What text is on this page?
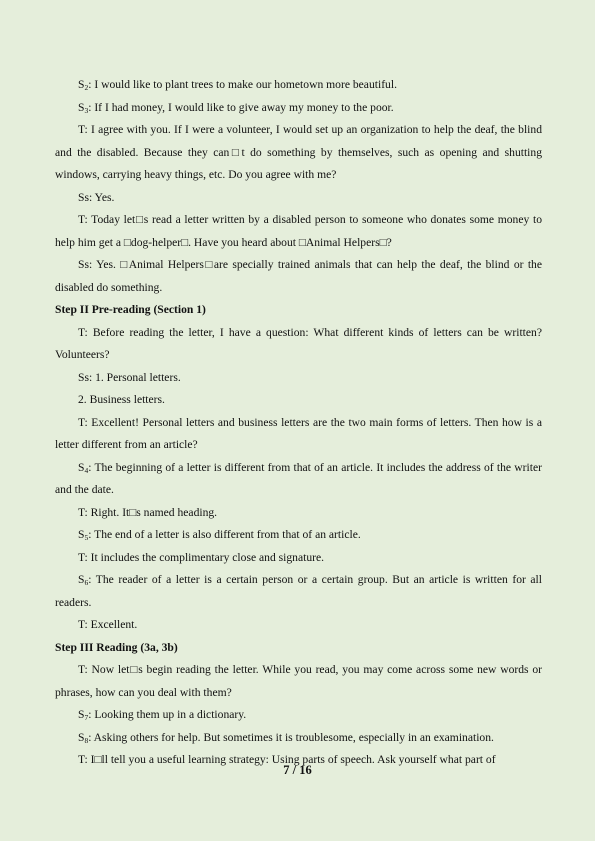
$S_2$: I would like to plant trees to make our hometown more beautiful.

$S_3$: If I had money, I would like to give away my money to the poor.

T: I agree with you. If I were a volunteer, I would set up an organization to help the deaf, the blind and the disabled. Because they can□t do something by themselves, such as opening and shutting windows, carrying heavy things, etc. Do you agree with me?

Ss: Yes.

T: Today let□s read a letter written by a disabled person to someone who donates some money to help him get a □dog-helper□. Have you heard about □Animal Helpers□?

Ss: Yes. □Animal Helpers□are specially trained animals that can help the deaf, the blind or the disabled do something.

Step II Pre-reading (Section 1)

T: Before reading the letter, I have a question: What different kinds of letters can be written? Volunteers?

Ss: 1. Personal letters.

2. Business letters.

T: Excellent! Personal letters and business letters are the two main forms of letters. Then how is a letter different from an article?

$S_4$: The beginning of a letter is different from that of an article. It includes the address of the writer and the date.

T: Right. It□s named heading.

$S_5$: The end of a letter is also different from that of an article.

T: It includes the complimentary close and signature.

$S_6$: The reader of a letter is a certain person or a certain group. But an article is written for all readers.

T: Excellent.

Step III Reading (3a, 3b)

T: Now let□s begin reading the letter. While you read, you may come across some new words or phrases, how can you deal with them?

$S_7$: Looking them up in a dictionary.

$S_8$: Asking others for help. But sometimes it is troublesome, especially in an examination.

T: I□ll tell you a useful learning strategy: Using parts of speech. Ask yourself what part of

7 / 16
